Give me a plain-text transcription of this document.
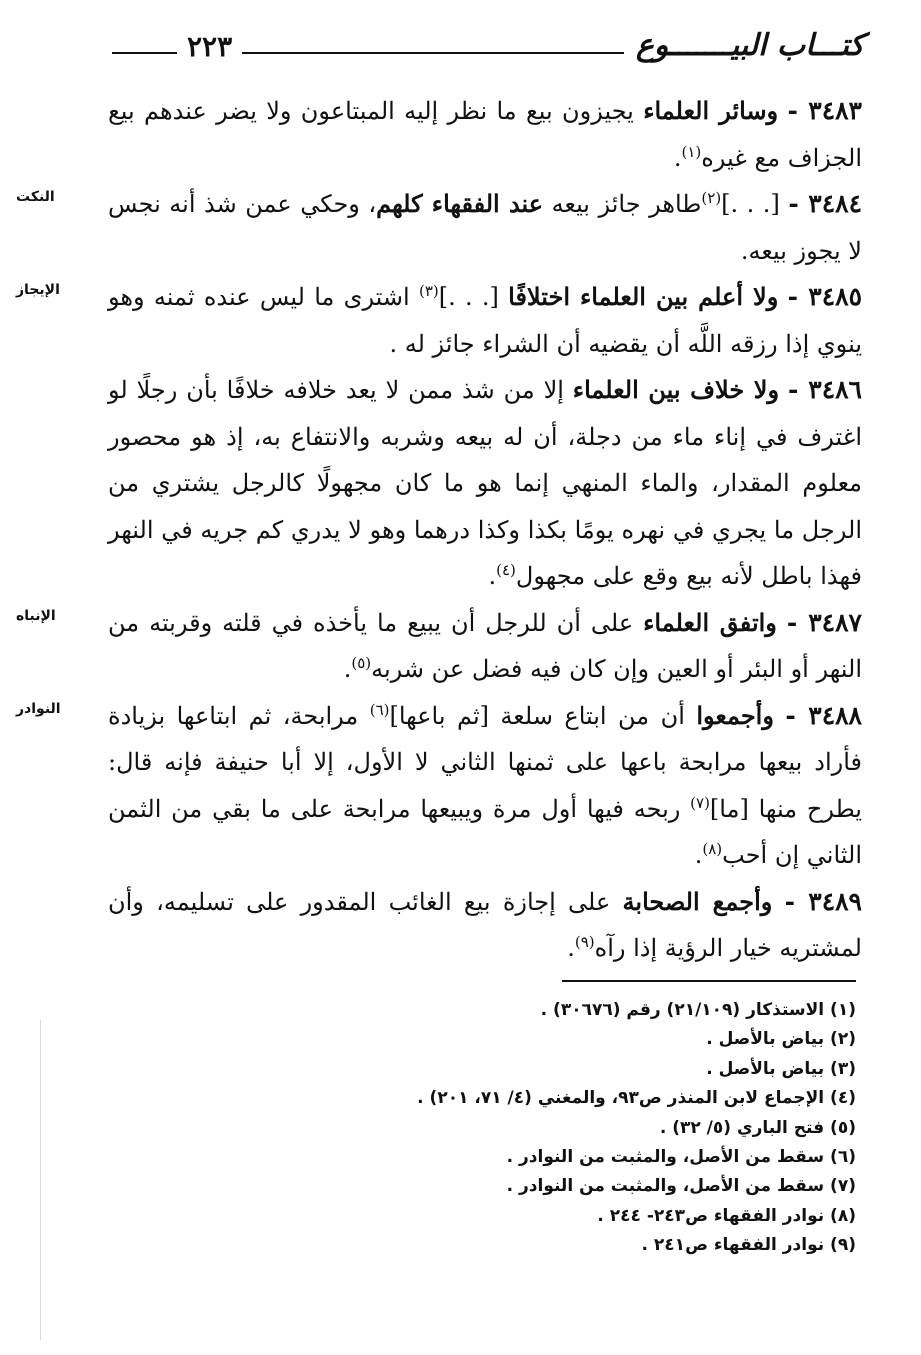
كتـــاب البيـــــــوع
٢٢٣

٣٤٨٣ - وسائر العلماء يجيزون بيع ما نظر إليه المبتاعون ولا يضر عندهم بيع الجزاف مع غيره$^{(١)}$.

النكت	٣٤٨٤ - [. . .]$^{(٢)}$طاهر جائز بيعه عند الفقهاء كلهم، وحكي عمن شذ أنه نجس لا يجوز بيعه.

الإيجاز	٣٤٨٥ - ولا أعلم بين العلماء اختلافًا [. . .]$^{(٣)}$ اشترى ما ليس عنده ثمنه وهو ينوي إذا رزقه اللَّه أن يقضيه أن الشراء جائز له .

٣٤٨٦ - ولا خلاف بين العلماء إلا من شذ ممن لا يعد خلافه خلافًا بأن رجلًا لو اغترف في إناء ماء من دجلة، أن له بيعه وشربه والانتفاع به، إذ هو محصور معلوم المقدار، والماء المنهي إنما هو ما كان مجهولًا كالرجل يشتري من الرجل ما يجري في نهره يومًا بكذا وكذا درهما وهو لا يدري كم جريه في النهر فهذا باطل لأنه بيع وقع على مجهول$^{(٤)}$.

الإنباه	٣٤٨٧ - واتفق العلماء على أن للرجل أن يبيع ما يأخذه في قلته وقربته من النهر أو البئر أو العين وإن كان فيه فضل عن شربه$^{(٥)}$.

النوادر	٣٤٨٨ - وأجمعوا أن من ابتاع سلعة [ثم باعها]$^{(٦)}$ مرابحة، ثم ابتاعها بزيادة فأراد بيعها مرابحة باعها على ثمنها الثاني لا الأول، إلا أبا حنيفة فإنه قال: يطرح منها [ما]$^{(٧)}$ ربحه فيها أول مرة ويبيعها مرابحة على ما بقي من الثمن الثاني إن أحب$^{(٨)}$.

٣٤٨٩ - وأجمع الصحابة على إجازة بيع الغائب المقدور على تسليمه، وأن لمشتريه خيار الرؤية إذا رآه$^{(٩)}$.

(١) الاستذكار (٢١/١٠٩) رقم (٣٠٦٧٦) .
(٢) بياض بالأصل .
(٣) بياض بالأصل .
(٤) الإجماع لابن المنذر ص٩٣، والمغني (٤/ ٧١، ٢٠١) .
(٥) فتح الباري (٥/ ٣٢) .
(٦) سقط من الأصل، والمثبت من النوادر .
(٧) سقط من الأصل، والمثبت من النوادر .
(٨) نوادر الفقهاء ص٢٤٣- ٢٤٤ .
(٩) نوادر الفقهاء ص٢٤١ .
